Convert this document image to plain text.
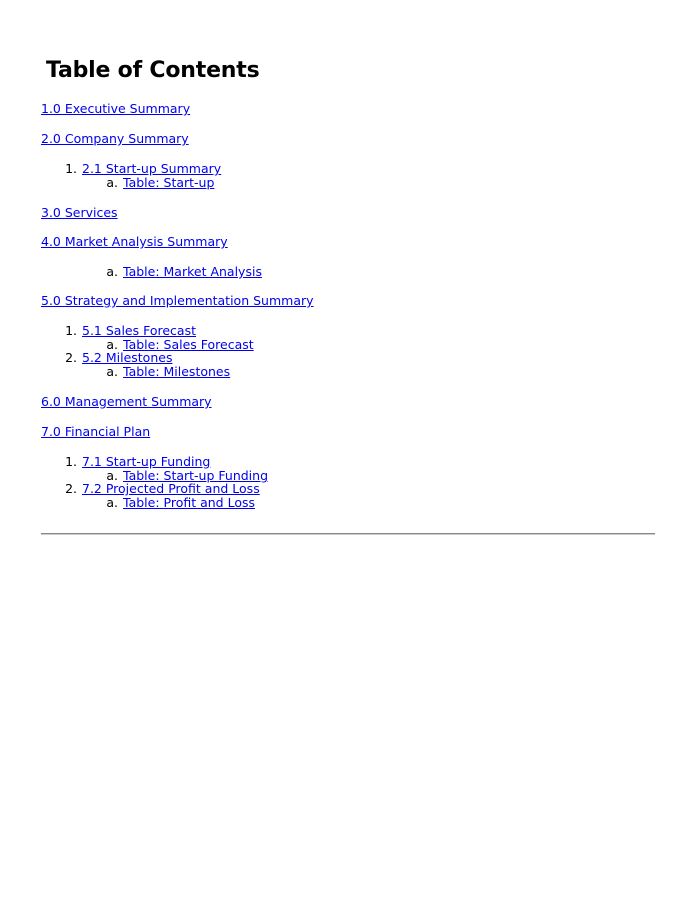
Table of Contents
1.0 Executive Summary
2.0 Company Summary
1. 2.1 Start-up Summary
a. Table: Start-up
3.0 Services
4.0 Market Analysis Summary
a. Table: Market Analysis
5.0 Strategy and Implementation Summary
1. 5.1 Sales Forecast
a. Table: Sales Forecast
2. 5.2 Milestones
a. Table: Milestones
6.0 Management Summary
7.0 Financial Plan
1. 7.1 Start-up Funding
a. Table: Start-up Funding
2. 7.2 Projected Profit and Loss
a. Table: Profit and Loss
